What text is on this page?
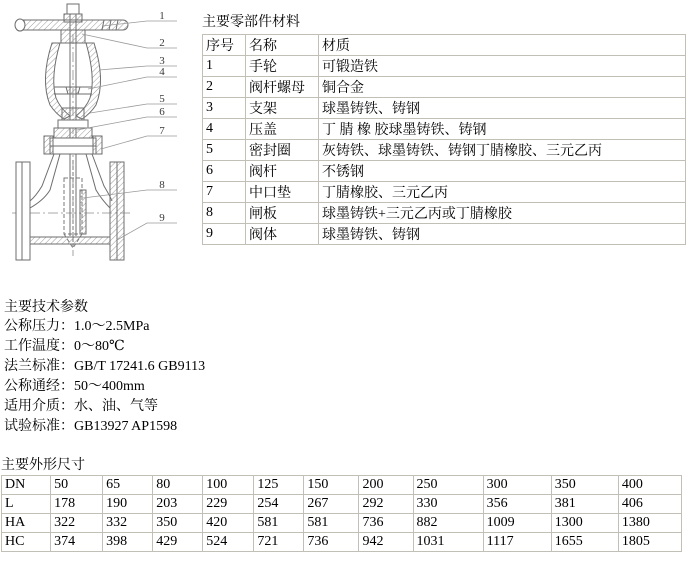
1
2
3
4
5
6
7
8
9
主要零部件材料
序号	名称	材质
1	手轮	可锻造铁
2	阀杆螺母	铜合金
3	支架	球墨铸铁、铸钢
4	压盖	丁 腈 橡 胶球墨铸铁、铸钢
5	密封圈	灰铸铁、球墨铸铁、铸钢丁腈橡胶、三元乙丙
6	阀杆	不锈钢
7	中口垫	丁腈橡胶、三元乙丙
8	闸板	球墨铸铁+三元乙丙或丁腈橡胶
9	阀体	球墨铸铁、铸钢
主要技术参数
公称压力：1.0～2.5MPa
工作温度：0～80℃
法兰标准：GB/T 17241.6 GB9113
公称通经：50～400mm
适用介质：水、油、气等
试验标准：GB13927 AP1598
主要外形尺寸
DN	50	65	80	100	125	150	200	250	300	350	400
L	178	190	203	229	254	267	292	330	356	381	406
HA	322	332	350	420	581	581	736	882	1009	1300	1380
HC	374	398	429	524	721	736	942	1031	1117	1655	1805
